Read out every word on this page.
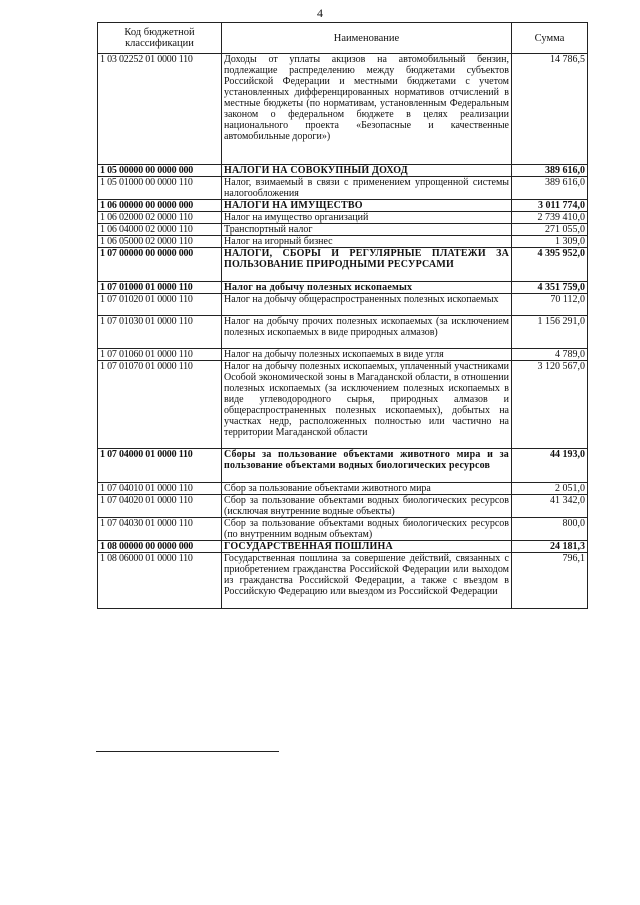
4
Код бюджетной классификации	Наименование	Сумма
1 03 02252 01 0000 110	Доходы от уплаты акцизов на автомобильный бензин, подлежащие распределению между бюджетами субъектов Российской Федерации и местными бюджетами с учетом установленных дифференцированных нормативов отчислений в местные бюджеты (по нормативам, установленным Федеральным законом о федеральном бюджете в целях реализации национального проекта «Безопасные и качественные автомобильные дороги»)	14 786,5
1 05 00000 00 0000 000	НАЛОГИ НА СОВОКУПНЫЙ ДОХОД	389 616,0
1 05 01000 00 0000 110	Налог, взимаемый в связи с применением упрощенной системы налогообложения	389 616,0
1 06 00000 00 0000 000	НАЛОГИ НА ИМУЩЕСТВО	3 011 774,0
1 06 02000 02 0000 110	Налог на имущество организаций	2 739 410,0
1 06 04000 02 0000 110	Транспортный налог	271 055,0
1 06 05000 02 0000 110	Налог на игорный бизнес	1 309,0
1 07 00000 00 0000 000	НАЛОГИ, СБОРЫ И РЕГУЛЯРНЫЕ ПЛАТЕЖИ ЗА ПОЛЬЗОВАНИЕ ПРИРОДНЫМИ РЕСУРСАМИ	4 395 952,0
1 07 01000 01 0000 110	Налог на добычу полезных ископаемых	4 351 759,0
1 07 01020 01 0000 110	Налог на добычу общераспространенных полезных ископаемых	70 112,0
1 07 01030 01 0000 110	Налог на добычу прочих полезных ископаемых (за исключением полезных ископаемых в виде природных алмазов)	1 156 291,0
1 07 01060 01 0000 110	Налог на добычу полезных ископаемых в виде угля	4 789,0
1 07 01070 01 0000 110	Налог на добычу полезных ископаемых, уплаченный участниками Особой экономической зоны в Магаданской области, в отношении полезных ископаемых (за исключением полезных ископаемых в виде углеводородного сырья, природных алмазов и общераспространенных полезных ископаемых), добытых на участках недр, расположенных полностью или частично на территории Магаданской области	3 120 567,0
1 07 04000 01 0000 110	Сборы за пользование объектами животного мира и за пользование объектами водных биологических ресурсов	44 193,0
1 07 04010 01 0000 110	Сбор за пользование объектами животного мира	2 051,0
1 07 04020 01 0000 110	Сбор за пользование объектами водных биологических ресурсов (исключая внутренние водные объекты)	41 342,0
1 07 04030 01 0000 110	Сбор за пользование объектами водных биологических ресурсов (по внутренним водным объектам)	800,0
1 08 00000 00 0000 000	ГОСУДАРСТВЕННАЯ ПОШЛИНА	24 181,3
1 08 06000 01 0000 110	Государственная пошлина за совершение действий, связанных с приобретением гражданства Российской Федерации или выходом из гражданства Российской Федерации, а также с въездом в Российскую Федерацию или выездом из Российской Федерации	796,1
